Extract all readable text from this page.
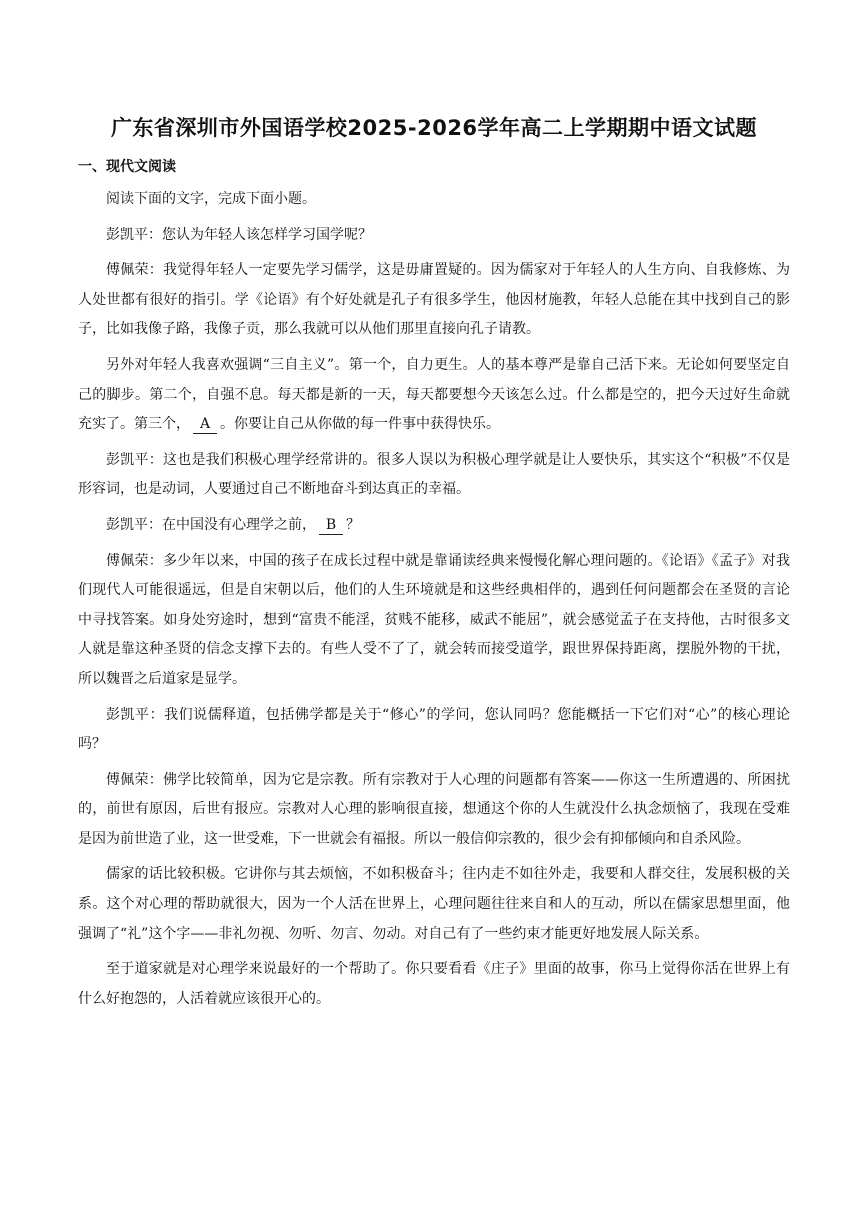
广东省深圳市外国语学校2025-2026学年高二上学期期中语文试题
一、现代文阅读

阅读下面的文字，完成下面小题。

彭凯平：您认为年轻人该怎样学习国学呢？

傅佩荣：我觉得年轻人一定要先学习儒学，这是毋庸置疑的。因为儒家对于年轻人的人生方向、自我修炼、为人处世都有很好的指引。学《论语》有个好处就是孔子有很多学生，他因材施教，年轻人总能在其中找到自己的影子，比如我像子路，我像子贡，那么我就可以从他们那里直接向孔子请教。

另外对年轻人我喜欢强调“三自主义”。第一个，自力更生。人的基本尊严是靠自己活下来。无论如何要坚定自己的脚步。第二个，自强不息。每天都是新的一天，每天都要想今天该怎么过。什么都是空的，把今天过好生命就充实了。第三个， A 。你要让自己从你做的每一件事中获得快乐。

彭凯平：这也是我们积极心理学经常讲的。很多人误以为积极心理学就是让人要快乐，其实这个“积极”不仅是形容词，也是动词，人要通过自己不断地奋斗到达真正的幸福。

彭凯平：在中国没有心理学之前， B ？

傅佩荣：多少年以来，中国的孩子在成长过程中就是靠诵读经典来慢慢化解心理问题的。《论语》《孟子》对我们现代人可能很遥远，但是自宋朝以后，他们的人生环境就是和这些经典相伴的，遇到任何问题都会在圣贤的言论中寻找答案。如身处穷途时，想到“富贵不能淫，贫贱不能移，威武不能屈”，就会感觉孟子在支持他，古时很多文人就是靠这种圣贤的信念支撑下去的。有些人受不了了，就会转而接受道学，跟世界保持距离，摆脱外物的干扰，所以魏晋之后道家是显学。

彭凯平：我们说儒释道，包括佛学都是关于“修心”的学问，您认同吗？您能概括一下它们对“心”的核心理论吗？

傅佩荣：佛学比较简单，因为它是宗教。所有宗教对于人心理的问题都有答案——你这一生所遭遇的、所困扰的，前世有原因，后世有报应。宗教对人心理的影响很直接，想通这个你的人生就没什么执念烦恼了，我现在受难是因为前世造了业，这一世受难，下一世就会有福报。所以一般信仰宗教的，很少会有抑郁倾向和自杀风险。

儒家的话比较积极。它讲你与其去烦恼，不如积极奋斗；往内走不如往外走，我要和人群交往，发展积极的关系。这个对心理的帮助就很大，因为一个人活在世界上，心理问题往往来自和人的互动，所以在儒家思想里面，他强调了“礼”这个字——非礼勿视、勿听、勿言、勿动。对自己有了一些约束才能更好地发展人际关系。

至于道家就是对心理学来说最好的一个帮助了。你只要看看《庄子》里面的故事，你马上觉得你活在世界上有什么好抱怨的，人活着就应该很开心的。
